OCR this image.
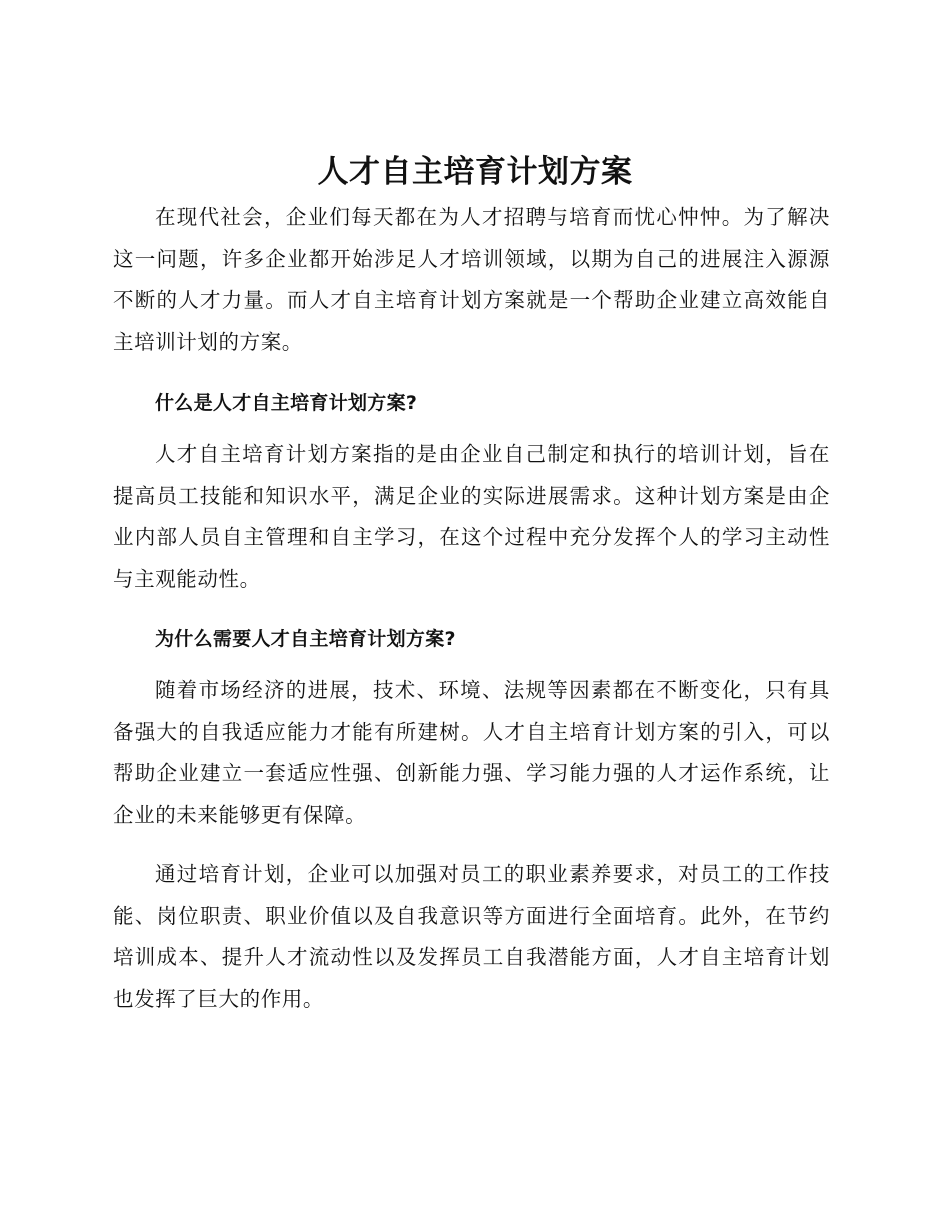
人才自主培育计划方案

在现代社会，企业们每天都在为人才招聘与培育而忧心忡忡。为了解决这一问题，许多企业都开始涉足人才培训领域，以期为自己的进展注入源源不断的人才力量。而人才自主培育计划方案就是一个帮助企业建立高效能自主培训计划的方案。

什么是人才自主培育计划方案?

人才自主培育计划方案指的是由企业自己制定和执行的培训计划，旨在提高员工技能和知识水平，满足企业的实际进展需求。这种计划方案是由企业内部人员自主管理和自主学习，在这个过程中充分发挥个人的学习主动性与主观能动性。

为什么需要人才自主培育计划方案?

随着市场经济的进展，技术、环境、法规等因素都在不断变化，只有具备强大的自我适应能力才能有所建树。人才自主培育计划方案的引入，可以帮助企业建立一套适应性强、创新能力强、学习能力强的人才运作系统，让企业的未来能够更有保障。

通过培育计划，企业可以加强对员工的职业素养要求，对员工的工作技能、岗位职责、职业价值以及自我意识等方面进行全面培育。此外，在节约培训成本、提升人才流动性以及发挥员工自我潜能方面，人才自主培育计划也发挥了巨大的作用。
